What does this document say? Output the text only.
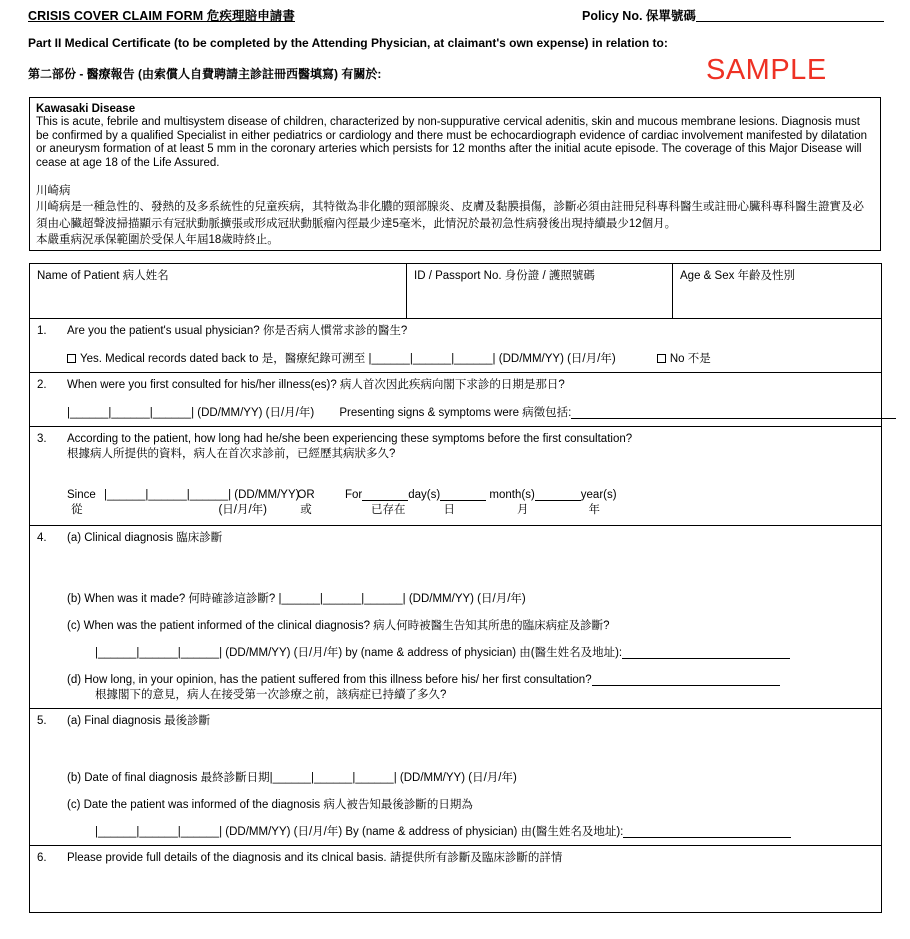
CRISIS COVER CLAIM FORM 危疾理賠申請書	Policy No. 保單號碼
Part II Medical Certificate (to be completed by the Attending Physician, at claimant's own expense) in relation to:
第二部份 - 醫療報告 (由索償人自費聘請主診註冊西醫填寫) 有關於:	SAMPLE
Kawasaki Disease
This is acute, febrile and multisystem disease of children, characterized by non-suppurative cervical adenitis, skin and mucous membrane lesions. Diagnosis must be confirmed by a qualified Specialist in either pediatrics or cardiology and there must be echocardiograph evidence of cardiac involvement manifested by dilatation or aneurysm formation of at least 5 mm in the coronary arteries which persists for 12 months after the initial acute episode. The coverage of this Major Disease will cease at age 18 of the Life Assured.
川崎病
川崎病是一種急性的、發熱的及多系統性的兒童疾病，其特徵為非化膿的頸部腺炎、皮膚及黏膜損傷，診斷必須由註冊兒科專科醫生或註冊心臟科專科醫生證實及必須由心臟超聲波掃描顯示有冠狀動脈擴張或形成冠狀動脈瘤內徑最少達5毫米，此情況於最初急性病發後出現持續最少12個月。
本嚴重病況承保範圍於受保人年屆18歲時終止。
Name of Patient 病人姓名	ID / Passport No. 身份證 / 護照號碼	Age & Sex 年齡及性別

1. Are you the patient's usual physician? 你是否病人慣常求診的醫生?
Yes. Medical records dated back to 是，醫療紀錄可溯至 |______|______|______| (DD/MM/YY) (日/月/年)	No 不是

2. When were you first consulted for his/her illness(es)? 病人首次因此疾病向閣下求診的日期是那日?
|______|______|______| (DD/MM/YY) (日/月/年) Presenting signs & symptoms were 病徵包括:

3. According to the patient, how long had he/she been experiencing these symptoms before the first consultation?
根據病人所提供的資料，病人在首次求診前，已經歷其病狀多久?
Since
從
|______|______|______| (DD/MM/YY)
(日/月/年)
OR
或
For	day(s)	month(s)	year(s)
已存在	日	月	年

4. (a) Clinical diagnosis 臨床診斷
(b) When was it made? 何時確診這診斷? |______|______|______| (DD/MM/YY) (日/月/年)
(c) When was the patient informed of the clinical diagnosis? 病人何時被醫生告知其所患的臨床病症及診斷?
|______|______|______| (DD/MM/YY) (日/月/年) by (name & address of physician) 由(醫生姓名及地址):
(d) How long, in your opinion, has the patient suffered from this illness before his/ her first consultation?
根據閣下的意見，病人在接受第一次診療之前，該病症已持續了多久?

5. (a) Final diagnosis 最後診斷
(b) Date of final diagnosis 最終診斷日期|______|______|______| (DD/MM/YY) (日/月/年)
(c) Date the patient was informed of the diagnosis 病人被告知最後診斷的日期為
|______|______|______| (DD/MM/YY) (日/月/年) By (name & address of physician) 由(醫生姓名及地址):

6. Please provide full details of the diagnosis and its clnical basis. 請提供所有診斷及臨床診斷的詳情
